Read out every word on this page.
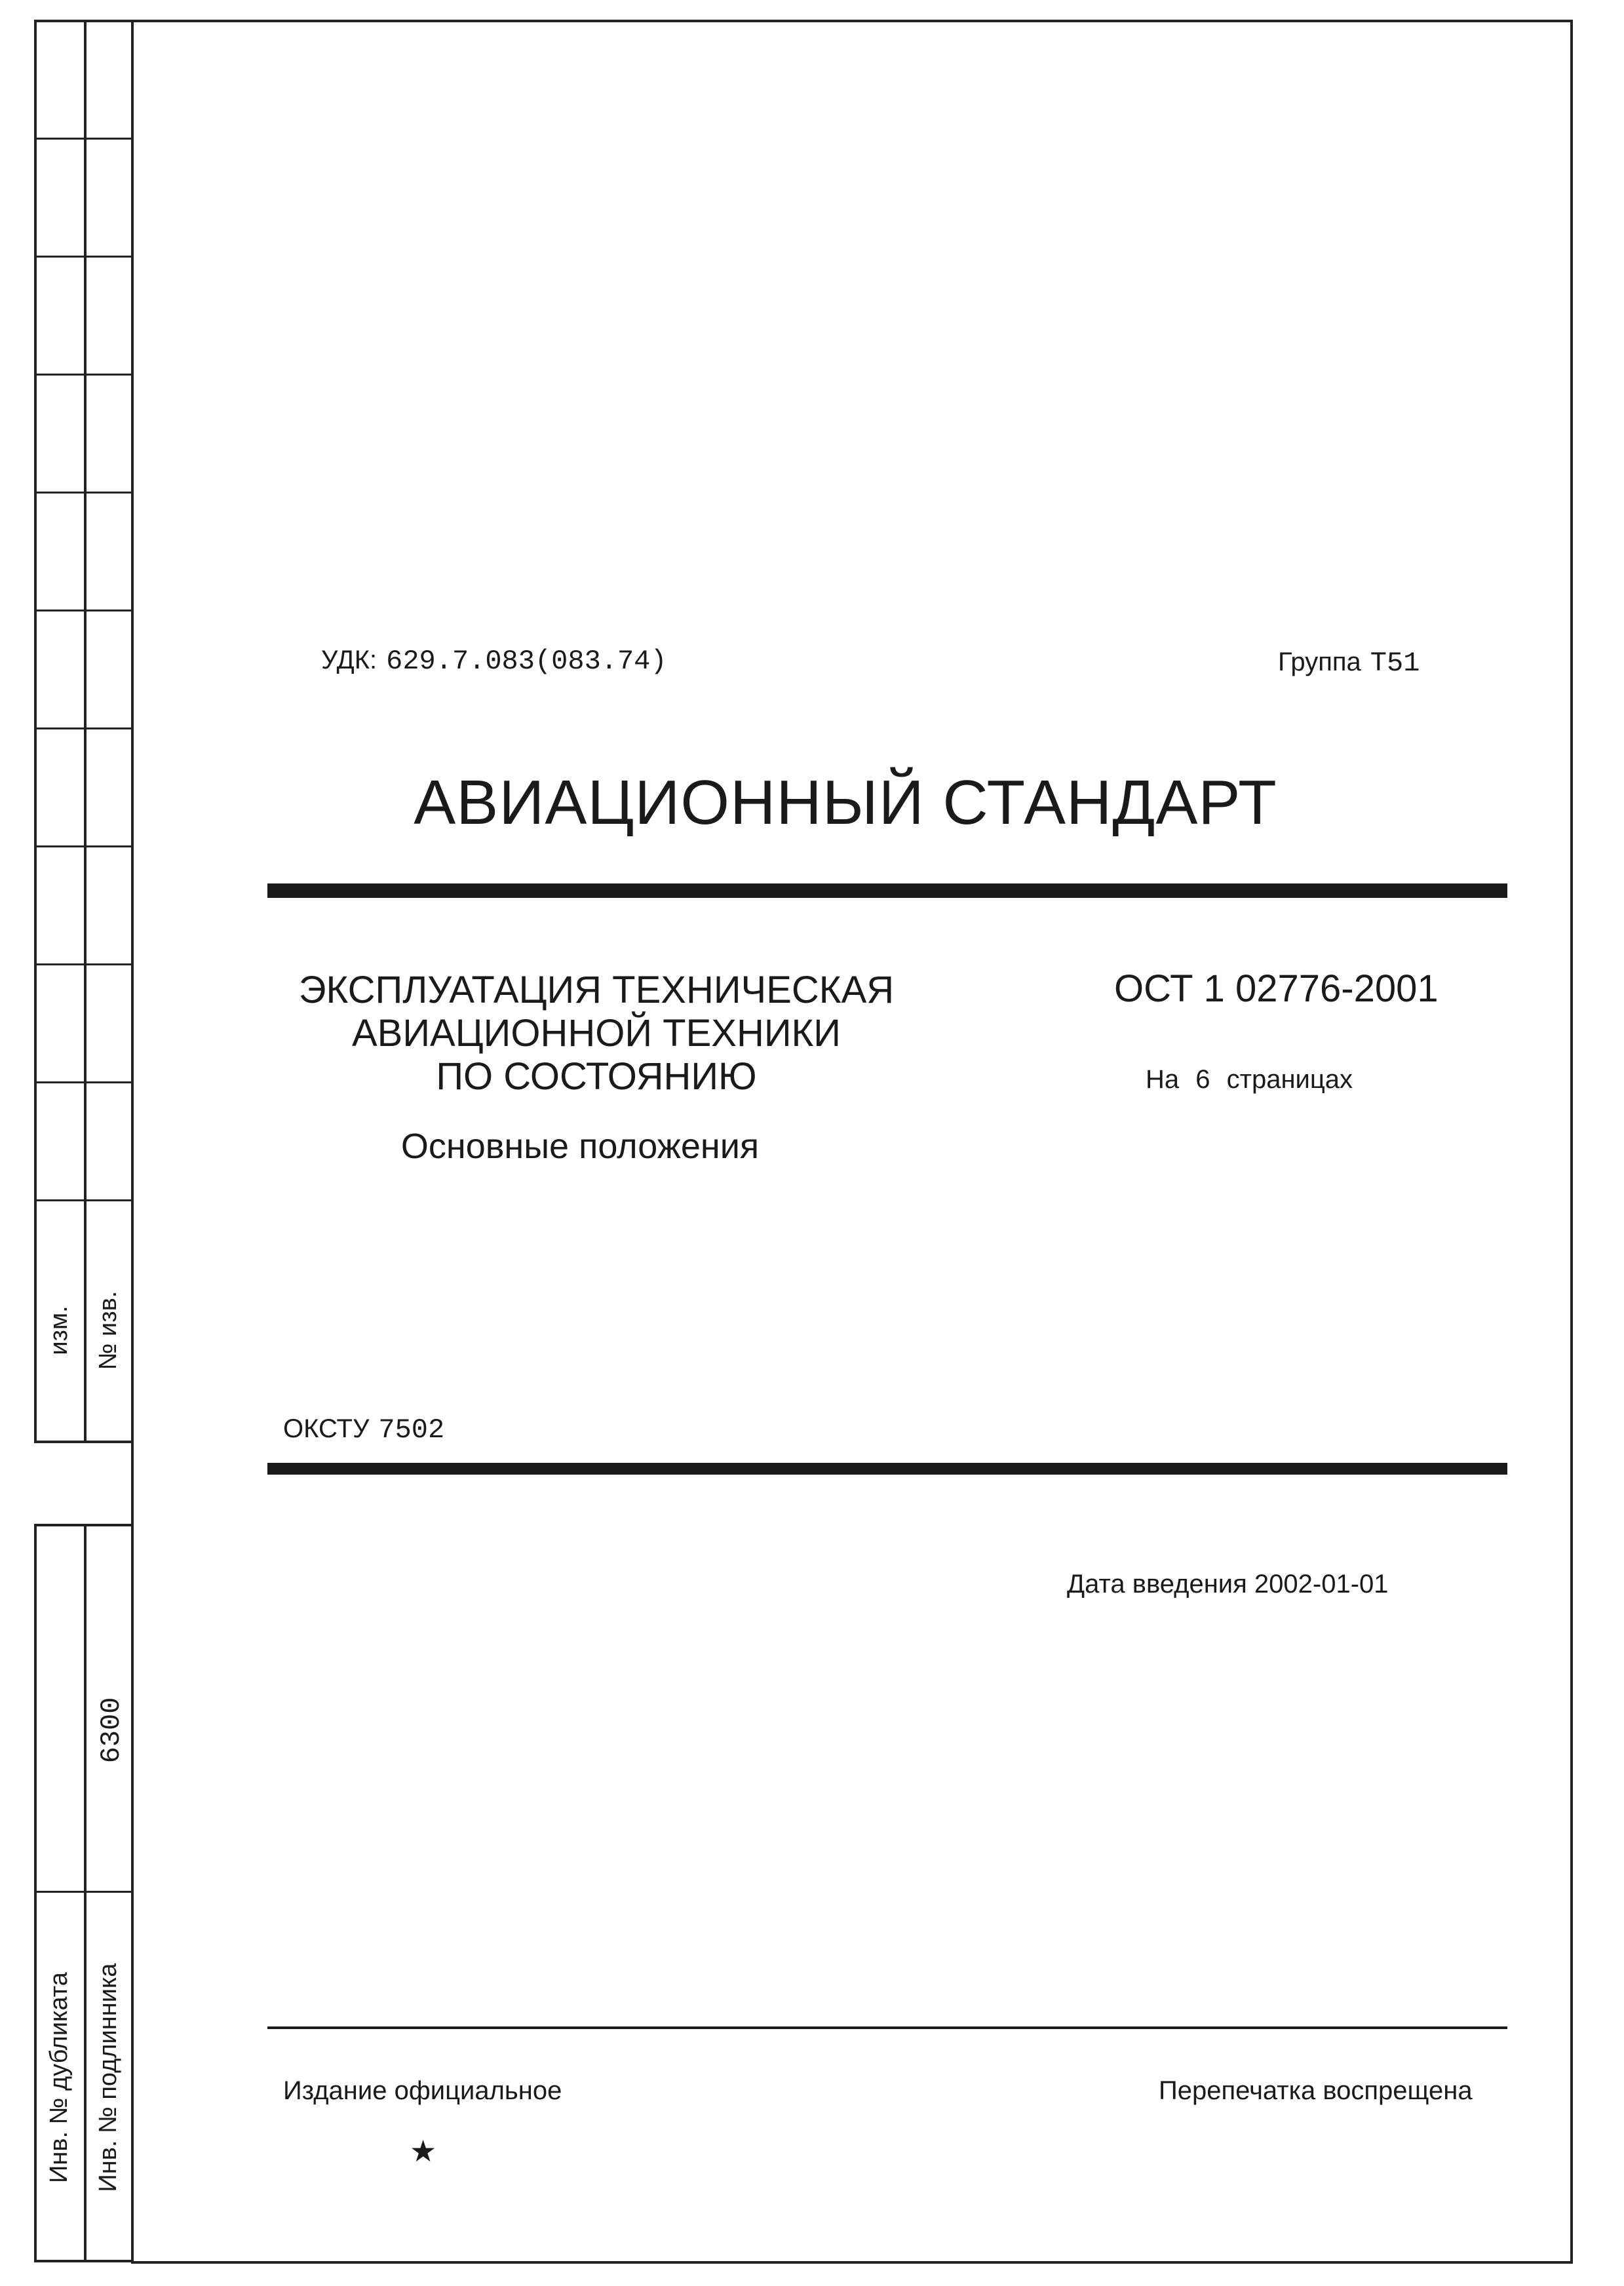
изм. № изв.
Инв. № дубликата Инв. № подлинника
6300
УДК: 629.7.083(083.74)	Группа Т51
АВИАЦИОННЫЙ СТАНДАРТ
ЭКСПЛУАТАЦИЯ ТЕХНИЧЕСКАЯ
АВИАЦИОННОЙ ТЕХНИКИ
ПО СОСТОЯНИЮ
Основные положения
ОСТ 1 02776-2001
На 6 страницах
ОКСТУ 7502
Дата введения 2002-01-01
Издание официальное	Перепечатка воспрещена
★
